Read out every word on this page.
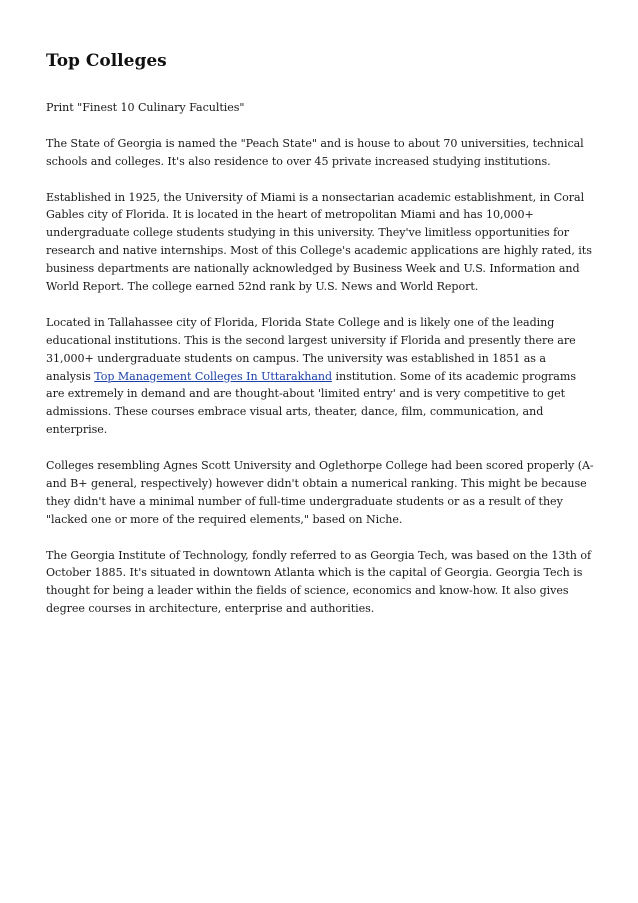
Top Colleges

Print "Finest 10 Culinary Faculties"

The State of Georgia is named the "Peach State" and is house to about 70 universities, technical schools and colleges. It's also residence to over 45 private increased studying institutions.

Established in 1925, the University of Miami is a nonsectarian academic establishment, in Coral Gables city of Florida. It is located in the heart of metropolitan Miami and has 10,000+ undergraduate college students studying in this university. They've limitless opportunities for research and native internships. Most of this College's academic applications are highly rated, its business departments are nationally acknowledged by Business Week and U.S. Information and World Report. The college earned 52nd rank by U.S. News and World Report.

Located in Tallahassee city of Florida, Florida State College and is likely one of the leading educational institutions. This is the second largest university if Florida and presently there are 31,000+ undergraduate students on campus. The university was established in 1851 as a analysis Top Management Colleges In Uttarakhand institution. Some of its academic programs are extremely in demand and are thought-about 'limited entry' and is very competitive to get admissions. These courses embrace visual arts, theater, dance, film, communication, and enterprise.

Colleges resembling Agnes Scott University and Oglethorpe College had been scored properly (A- and B+ general, respectively) however didn't obtain a numerical ranking. This might be because they didn't have a minimal number of full-time undergraduate students or as a result of they "lacked one or more of the required elements," based on Niche.

The Georgia Institute of Technology, fondly referred to as Georgia Tech, was based on the 13th of October 1885. It's situated in downtown Atlanta which is the capital of Georgia. Georgia Tech is thought for being a leader within the fields of science, economics and know-how. It also gives degree courses in architecture, enterprise and authorities.
